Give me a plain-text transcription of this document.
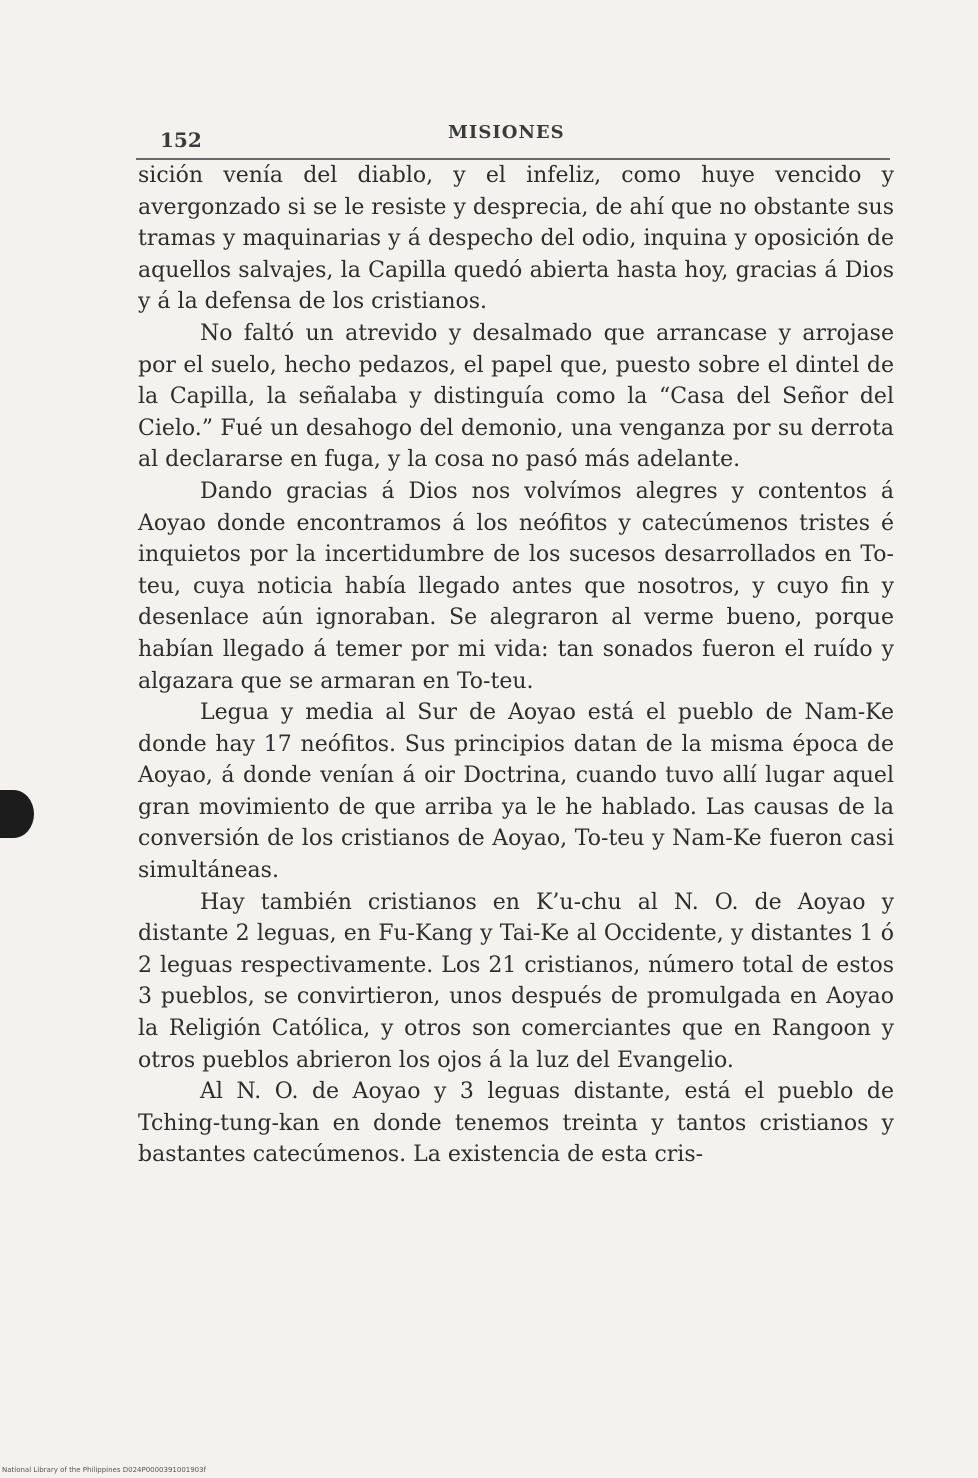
152	MISIONES

sición venía del diablo, y el infeliz, como huye vencido y avergonzado si se le resiste y desprecia, de ahí que no obstante sus tramas y maquinarias y á despecho del odio, inquina y oposición de aquellos salvajes, la Capilla quedó abierta hasta hoy, gracias á Dios y á la defensa de los cristianos.

No faltó un atrevido y desalmado que arrancase y arrojase por el suelo, hecho pedazos, el papel que, puesto sobre el dintel de la Capilla, la señalaba y distinguía como la “Casa del Señor del Cielo.” Fué un desahogo del demonio, una venganza por su derrota al declararse en fuga, y la cosa no pasó más adelante.

Dando gracias á Dios nos volvímos alegres y contentos á Aoyao donde encontramos á los neófitos y catecúmenos tristes é inquietos por la incertidumbre de los sucesos desarrollados en To-teu, cuya noticia había llegado antes que nosotros, y cuyo fin y desenlace aún ignoraban. Se alegraron al verme bueno, porque habían llegado á temer por mi vida: tan sonados fueron el ruído y algazara que se armaran en To-teu.

Legua y media al Sur de Aoyao está el pueblo de Nam-Ke donde hay 17 neófitos. Sus principios datan de la misma época de Aoyao, á donde venían á oir Doctrina, cuando tuvo allí lugar aquel gran movimiento de que arriba ya le he hablado. Las causas de la conversión de los cristianos de Aoyao, To-teu y Nam-Ke fueron casi simultáneas.

Hay también cristianos en K’u-chu al N. O. de Aoyao y distante 2 leguas, en Fu-Kang y Tai-Ke al Occidente, y distantes 1 ó 2 leguas respectivamente. Los 21 cristianos, número total de estos 3 pueblos, se convirtieron, unos después de promulgada en Aoyao la Religión Católica, y otros son comerciantes que en Rangoon y otros pueblos abrieron los ojos á la luz del Evangelio.

Al N. O. de Aoyao y 3 leguas distante, está el pueblo de Tching-tung-kan en donde tenemos treinta y tantos cristianos y bastantes catecúmenos. La existencia de esta cris-

National Library of the Philippines D024P0000391001903f
